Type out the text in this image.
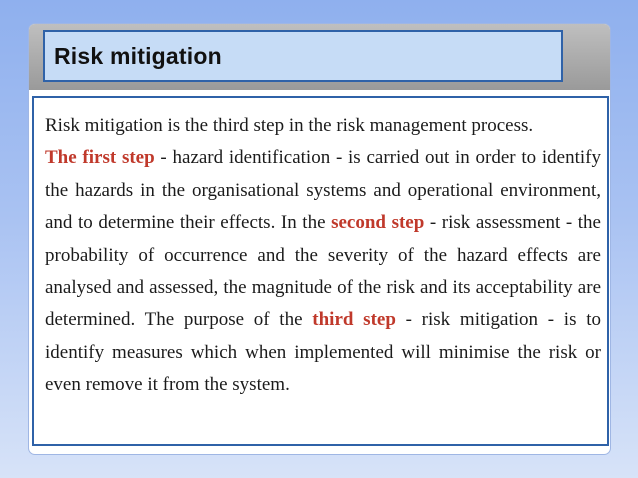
Risk mitigation
Risk mitigation is the third step in the risk management process.
The first step - hazard identification - is carried out in order to identify the hazards in the organisational systems and operational environment, and to determine their effects. In the second step - risk assessment - the probability of occurrence and the severity of the hazard effects are analysed and assessed, the magnitude of the risk and its acceptability are determined. The purpose of the third step - risk mitigation - is to identify measures which when implemented will minimise the risk or even remove it from the system.
